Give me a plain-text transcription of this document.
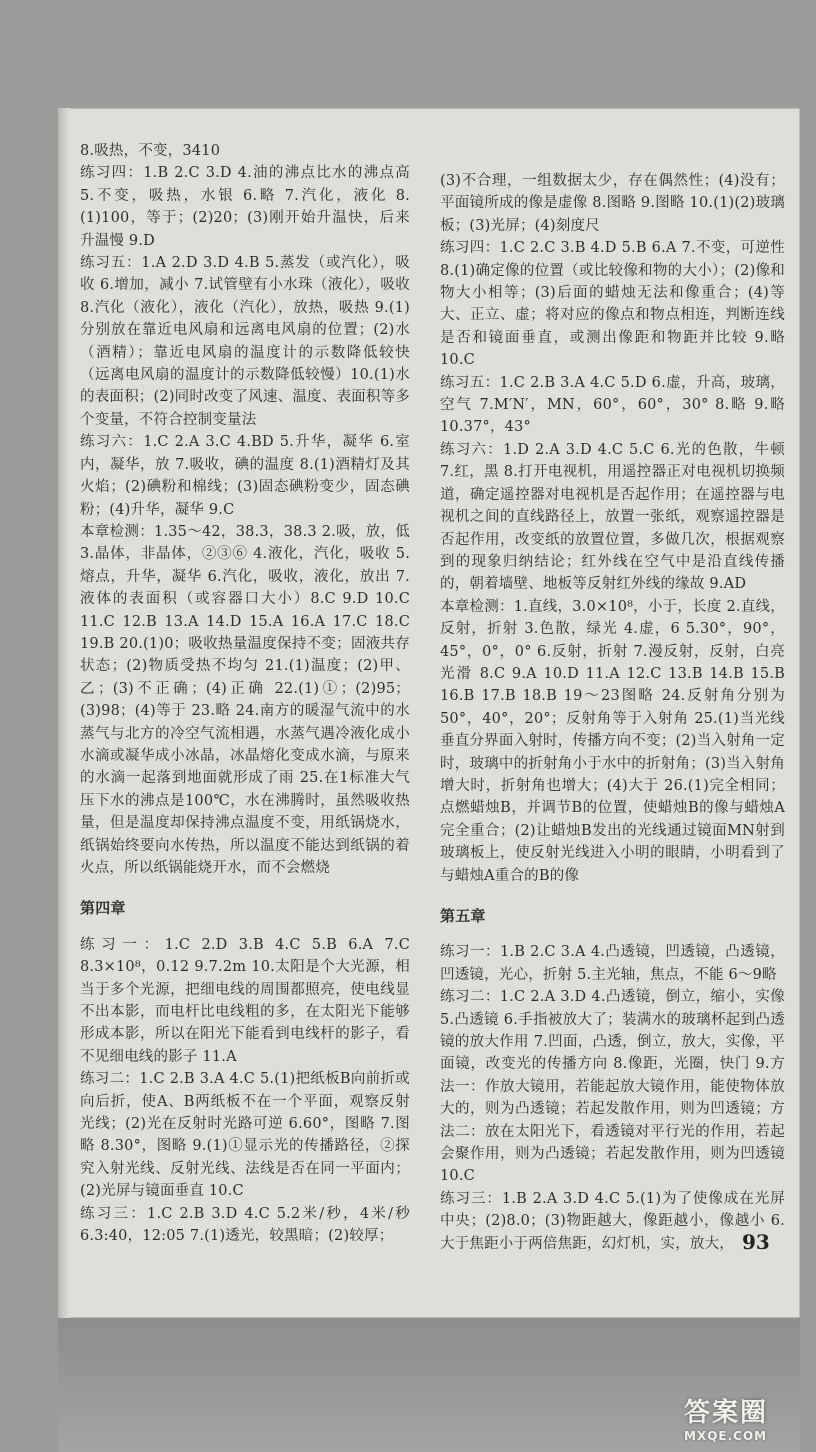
8.吸热，不变，3410

练习四：1.B 2.C 3.D 4.油的沸点比水的沸点高 5.不变，吸热，水银 6.略 7.汽化，液化 8.(1)100，等于；(2)20；(3)刚开始升温快，后来升温慢 9.D

练习五：1.A 2.D 3.D 4.B 5.蒸发（或汽化），吸收 6.增加，减小 7.试管壁有小水珠（液化），吸收 8.汽化（液化），液化（汽化），放热，吸热 9.(1)分别放在靠近电风扇和远离电风扇的位置；(2)水（酒精）；靠近电风扇的温度计的示数降低较快（远离电风扇的温度计的示数降低较慢）10.(1)水的表面积；(2)同时改变了风速、温度、表面积等多个变量，不符合控制变量法

练习六：1.C 2.A 3.C 4.BD 5.升华，凝华 6.室内，凝华，放 7.吸收，碘的温度 8.(1)酒精灯及其火焰；(2)碘粉和棉线；(3)固态碘粉变少，固态碘粉；(4)升华，凝华 9.C

本章检测：1.35～42，38.3，38.3 2.吸，放，低 3.晶体，非晶体，②③⑥ 4.液化，汽化，吸收 5.熔点，升华，凝华 6.汽化，吸收，液化，放出 7.液体的表面积（或容器口大小）8.C 9.D 10.C 11.C 12.B 13.A 14.D 15.A 16.A 17.C 18.C 19.B 20.(1)0；吸收热量温度保持不变；固液共存状态；(2)物质受热不均匀 21.(1)温度；(2)甲、乙；(3)不正确；(4)正确 22.(1)①；(2)95；(3)98；(4)等于 23.略 24.南方的暖湿气流中的水蒸气与北方的冷空气流相遇，水蒸气遇冷液化成小水滴或凝华成小冰晶，冰晶熔化变成水滴，与原来的水滴一起落到地面就形成了雨 25.在1标准大气压下水的沸点是100℃，水在沸腾时，虽然吸收热量，但是温度却保持沸点温度不变，用纸锅烧水，纸锅始终要向水传热，所以温度不能达到纸锅的着火点，所以纸锅能烧开水，而不会燃烧

第四章

练习一：1.C 2.D 3.B 4.C 5.B 6.A 7.C 8.3×10⁸，0.12 9.7.2m 10.太阳是个大光源，相当于多个光源，把细电线的周围都照亮，使电线显不出本影，而电杆比电线粗的多，在太阳光下能够形成本影，所以在阳光下能看到电线杆的影子，看不见细电线的影子 11.A

练习二：1.C 2.B 3.A 4.C 5.(1)把纸板B向前折或向后折，使A、B两纸板不在一个平面，观察反射光线；(2)光在反射时光路可逆 6.60°，图略 7.图略 8.30°，图略 9.(1)①显示光的传播路径，②探究入射光线、反射光线、法线是否在同一平面内；(2)光屏与镜面垂直 10.C

练习三：1.C 2.B 3.D 4.C 5.2米/秒，4米/秒 6.3:40，12:05 7.(1)透光，较黑暗；(2)较厚；

(3)不合理，一组数据太少，存在偶然性；(4)没有；平面镜所成的像是虚像 8.图略 9.图略 10.(1)(2)玻璃板；(3)光屏；(4)刻度尺

练习四：1.C 2.C 3.B 4.D 5.B 6.A 7.不变，可逆性 8.(1)确定像的位置（或比较像和物的大小）；(2)像和物大小相等；(3)后面的蜡烛无法和像重合；(4)等大、正立、虚；将对应的像点和物点相连，判断连线是否和镜面垂直，或测出像距和物距并比较 9.略 10.C

练习五：1.C 2.B 3.A 4.C 5.D 6.虚，升高，玻璃，空气 7.M′N′，MN，60°，60°，30° 8.略 9.略 10.37°，43°

练习六：1.D 2.A 3.D 4.C 5.C 6.光的色散，牛顿 7.红，黑 8.打开电视机，用遥控器正对电视机切换频道，确定遥控器对电视机是否起作用；在遥控器与电视机之间的直线路径上，放置一张纸，观察遥控器是否起作用，改变纸的放置位置，多做几次，根据观察到的现象归纳结论；红外线在空气中是沿直线传播的，朝着墙壁、地板等反射红外线的缘故 9.AD

本章检测：1.直线，3.0×10⁸，小于，长度 2.直线，反射，折射 3.色散，绿光 4.虚，6 5.30°，90°，45°，0°，0° 6.反射，折射 7.漫反射，反射，白亮光滑 8.C 9.A 10.D 11.A 12.C 13.B 14.B 15.B 16.B 17.B 18.B 19～23图略 24.反射角分别为50°，40°，20°；反射角等于入射角 25.(1)当光线垂直分界面入射时，传播方向不变；(2)当入射角一定时，玻璃中的折射角小于水中的折射角；(3)当入射角增大时，折射角也增大；(4)大于 26.(1)完全相同；点燃蜡烛B，并调节B的位置，使蜡烛B的像与蜡烛A完全重合；(2)让蜡烛B发出的光线通过镜面MN射到玻璃板上，使反射光线进入小明的眼睛，小明看到了与蜡烛A重合的B的像

第五章

练习一：1.B 2.C 3.A 4.凸透镜，凹透镜，凸透镜，凹透镜，光心，折射 5.主光轴，焦点，不能 6～9略

练习二：1.C 2.A 3.D 4.凸透镜，倒立，缩小，实像 5.凸透镜 6.手指被放大了；装满水的玻璃杯起到凸透镜的放大作用 7.凹面，凸透，倒立，放大，实像，平面镜，改变光的传播方向 8.像距，光圈，快门 9.方法一：作放大镜用，若能起放大镜作用，能使物体放大的，则为凸透镜；若起发散作用，则为凹透镜；方法二：放在太阳光下，看透镜对平行光的作用，若起会聚作用，则为凸透镜；若起发散作用，则为凹透镜 10.C

练习三：1.B 2.A 3.D 4.C 5.(1)为了使像成在光屏中央；(2)8.0；(3)物距越大，像距越小，像越小 6.大于焦距小于两倍焦距，幻灯机，实，放大， 93
答案圈
MXQE.COM
